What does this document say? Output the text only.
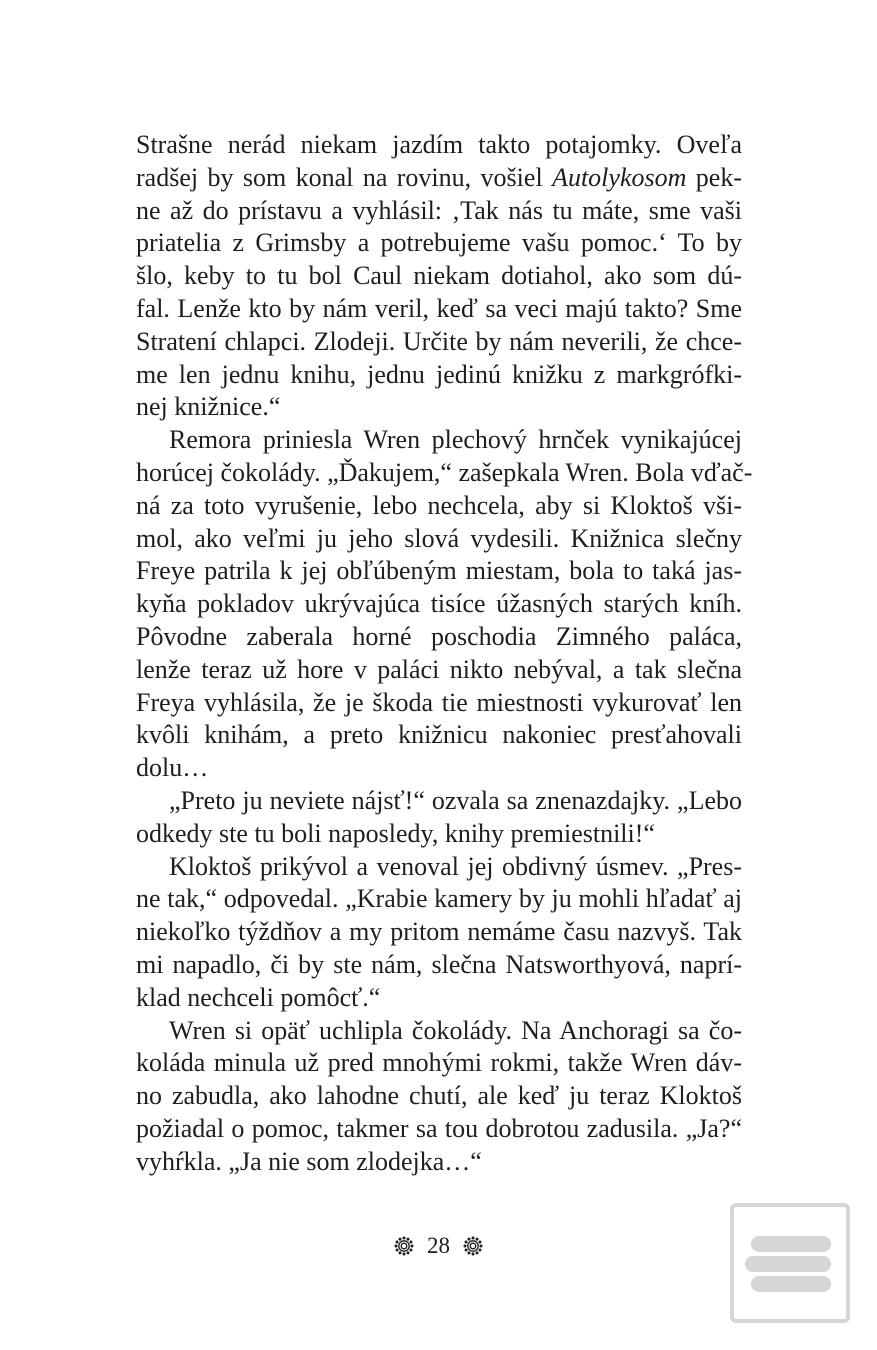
Strašne nerád niekam jazdím takto potajomky. Oveľa
radšej by som konal na rovinu, vošiel Autolykosom pek-
ne až do prístavu a vyhlásil: ‚Tak nás tu máte, sme vaši
priatelia z Grimsby a potrebujeme vašu pomoc.‘ To by
šlo, keby to tu bol Caul niekam dotiahol, ako som dú-
fal. Lenže kto by nám veril, keď sa veci majú takto? Sme
Stratení chlapci. Zlodeji. Určite by nám neverili, že chce-
me len jednu knihu, jednu jedinú knižku z markgrófki-
nej knižnice.“
Remora priniesla Wren plechový hrnček vynikajúcej
horúcej čokolády. „Ďakujem,“ zašepkala Wren. Bola vďač-
ná za toto vyrušenie, lebo nechcela, aby si Kloktoš vši-
mol, ako veľmi ju jeho slová vydesili. Knižnica slečny
Freye patrila k jej obľúbeným miestam, bola to taká jas-
kyňa pokladov ukrývajúca tisíce úžasných starých kníh.
Pôvodne zaberala horné poschodia Zimného paláca,
lenže teraz už hore v paláci nikto nebýval, a tak slečna
Freya vyhlásila, že je škoda tie miestnosti vykurovať len
kvôli knihám, a preto knižnicu nakoniec presťahovali
dolu…
„Preto ju neviete nájsť!“ ozvala sa znenazdajky. „Lebo
odkedy ste tu boli naposledy, knihy premiestnili!“
Kloktoš prikývol a venoval jej obdivný úsmev. „Pres-
ne tak,“ odpovedal. „Krabie kamery by ju mohli hľadať aj
niekoľko týždňov a my pritom nemáme času nazvyš. Tak
mi napadlo, či by ste nám, slečna Natsworthyová, naprí-
klad nechceli pomôcť.“
Wren si opäť uchlipla čokolády. Na Anchoragi sa čo-
koláda minula už pred mnohými rokmi, takže Wren dáv-
no zabudla, ako lahodne chutí, ale keď ju teraz Kloktoš
požiadal o pomoc, takmer sa tou dobrotou zadusila. „Ja?“
vyhŕkla. „Ja nie som zlodejka…“
28
